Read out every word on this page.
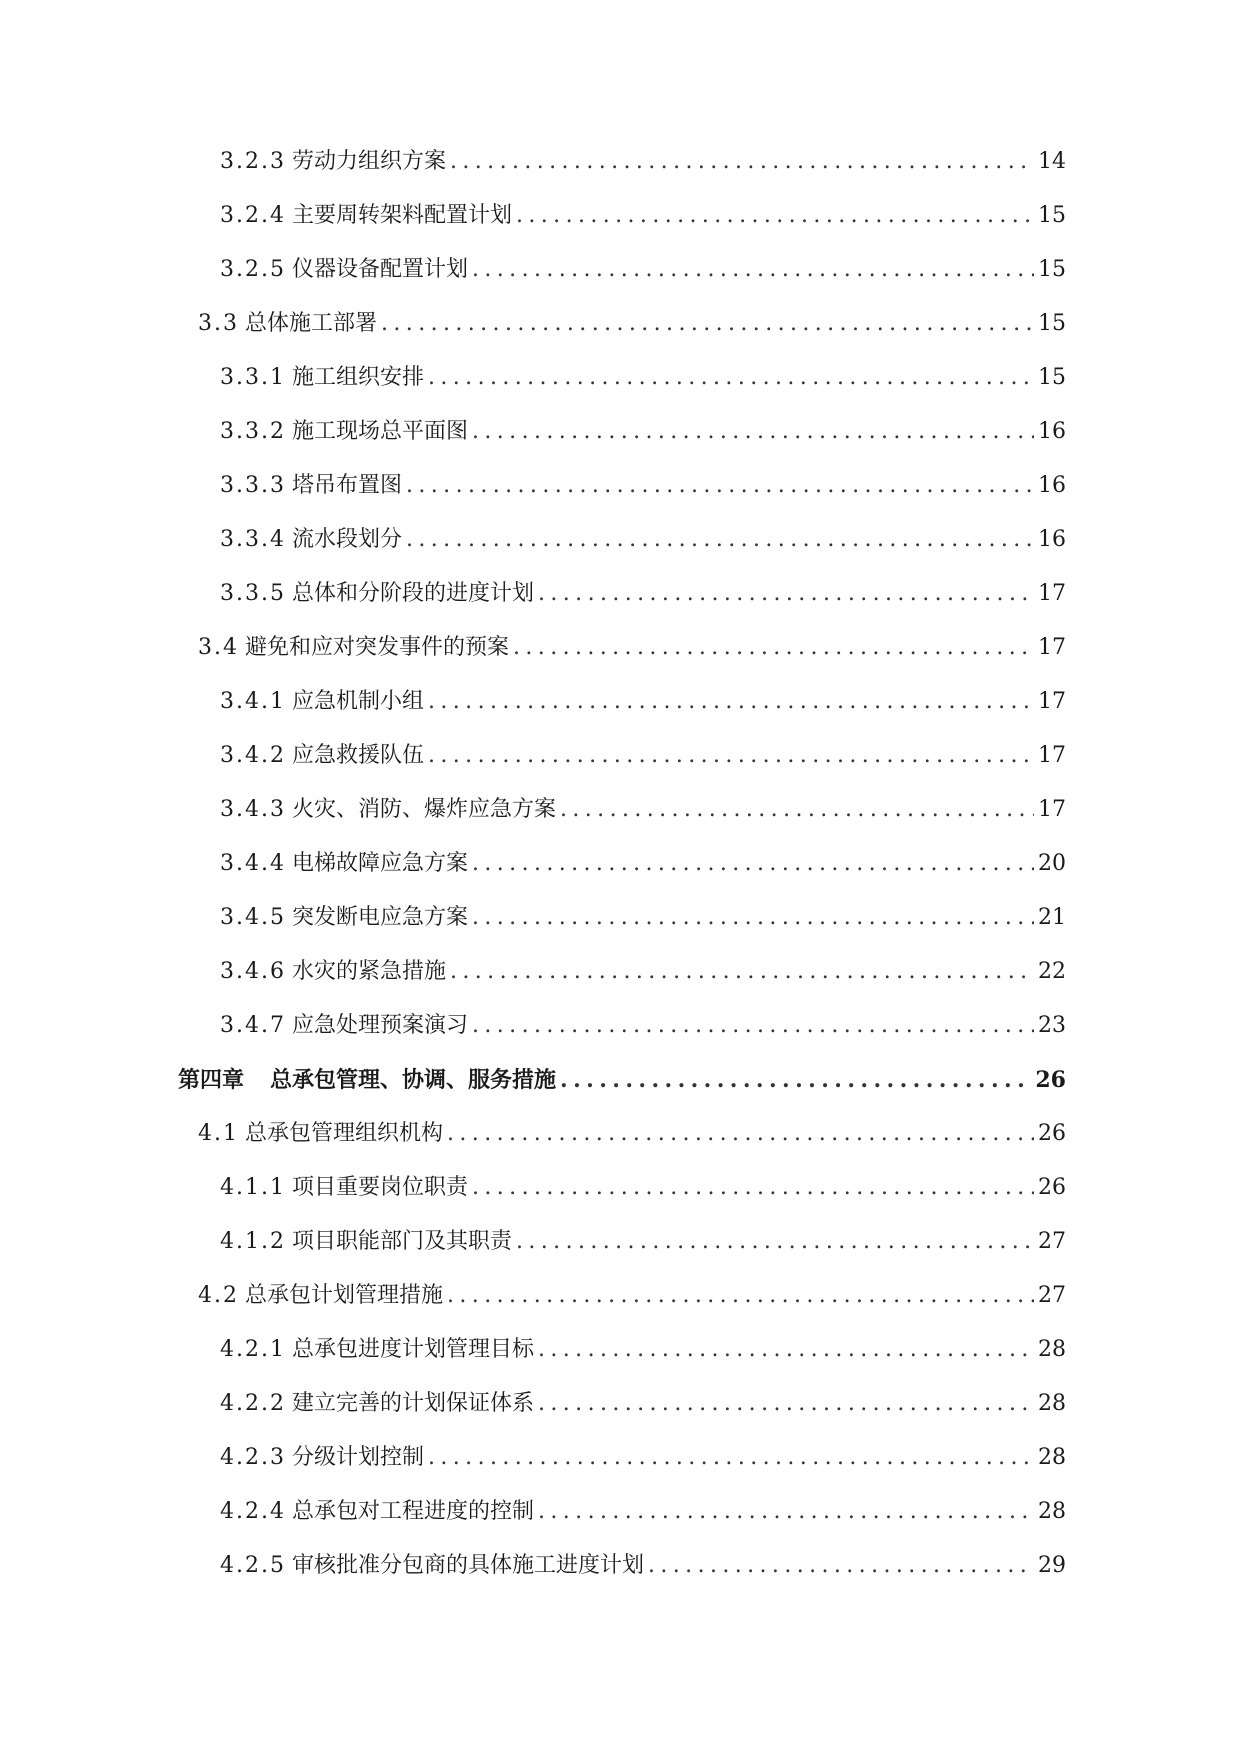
3.2.3 劳动力组织方案 .....	14
3.2.4 主要周转架料配置计划 .....	15
3.2.5 仪器设备配置计划 .....	15
3.3 总体施工部署 .....	15
3.3.1 施工组织安排 .....	15
3.3.2 施工现场总平面图 .....	16
3.3.3 塔吊布置图 .....	16
3.3.4 流水段划分 .....	16
3.3.5 总体和分阶段的进度计划 .....	17
3.4 避免和应对突发事件的预案 .....	17
3.4.1 应急机制小组 .....	17
3.4.2 应急救援队伍 .....	17
3.4.3 火灾、消防、爆炸应急方案 .....	17
3.4.4 电梯故障应急方案 .....	20
3.4.5 突发断电应急方案 .....	21
3.4.6 水灾的紧急措施 .....	22
3.4.7 应急处理预案演习 .....	23
第四章 总承包管理、协调、服务措施 .....	26
4.1 总承包管理组织机构 .....	26
4.1.1 项目重要岗位职责 .....	26
4.1.2 项目职能部门及其职责 .....	27
4.2 总承包计划管理措施 .....	27
4.2.1 总承包进度计划管理目标 .....	28
4.2.2 建立完善的计划保证体系 .....	28
4.2.3 分级计划控制 .....	28
4.2.4 总承包对工程进度的控制 .....	28
4.2.5 审核批准分包商的具体施工进度计划 .....	29
